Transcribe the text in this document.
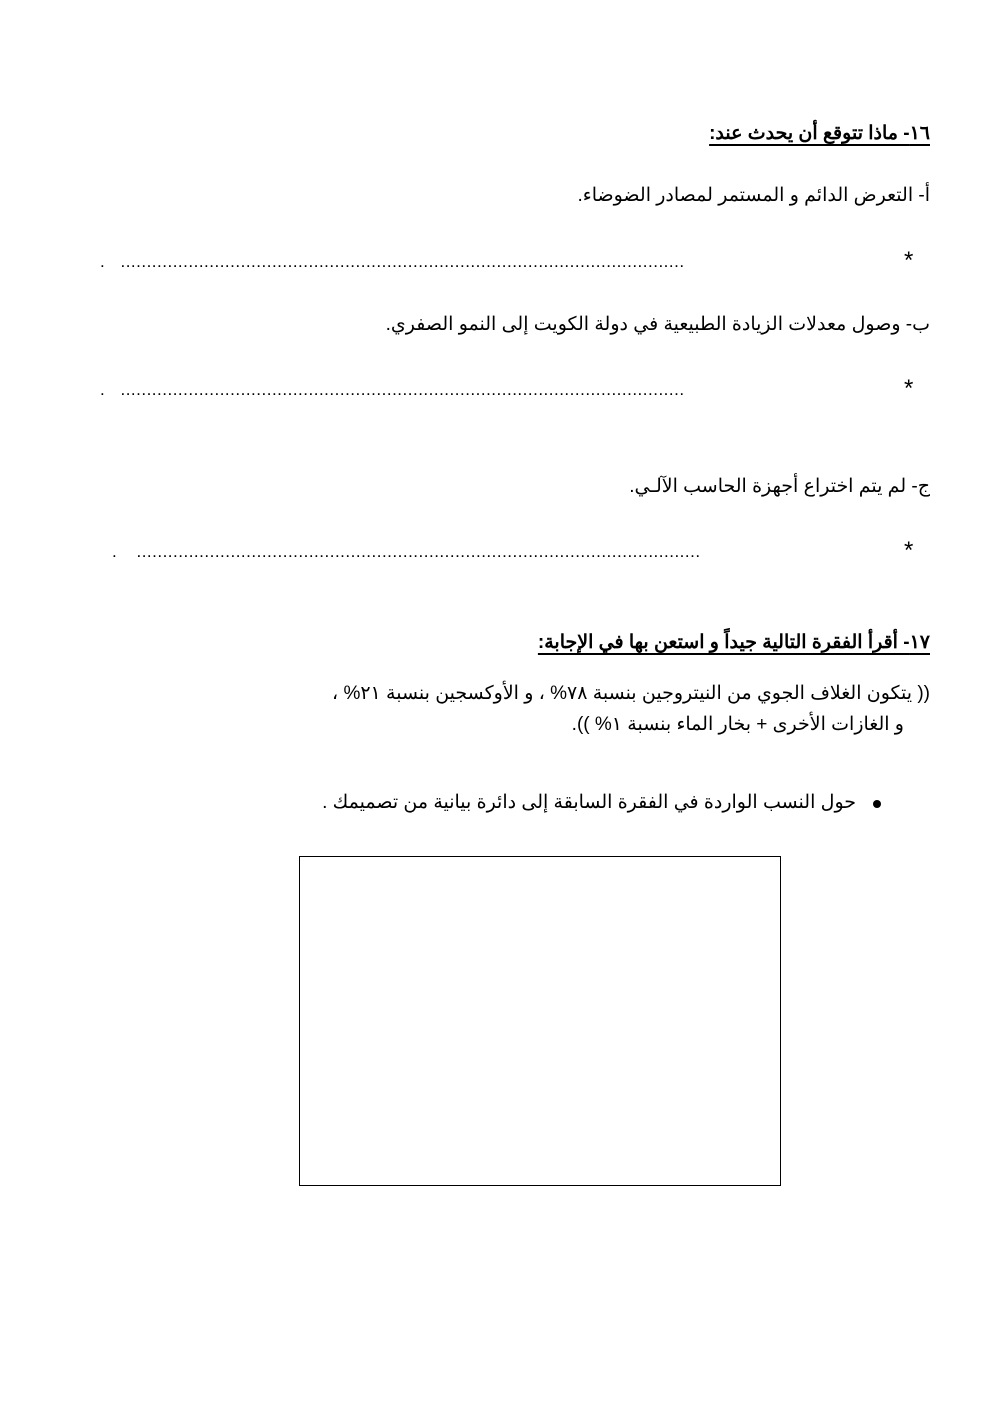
١٦- ماذا تتوقع أن يحدث عند:
أ- التعرض الدائم و المستمر لمصادر الضوضاء.
*
. ............................................................................................................
ب- وصول معدلات الزيادة الطبيعية في دولة الكويت إلى النمو الصفري.
*
. ............................................................................................................
ج- لم يتم اختراع أجهزة الحاسب الآلـي.
*
. ............................................................................................................
١٧- أقرأ الفقرة التالية جيداً و استعن بها في الإجابة:
(( يتكون الغلاف الجوي من النيتروجين بنسبة ٧٨% ، و الأوكسجين بنسبة ٢١% ،
و الغازات الأخرى + بخار الماء بنسبة ١% )).
حول النسب الواردة في الفقرة السابقة إلى دائرة بيانية من تصميمك .
